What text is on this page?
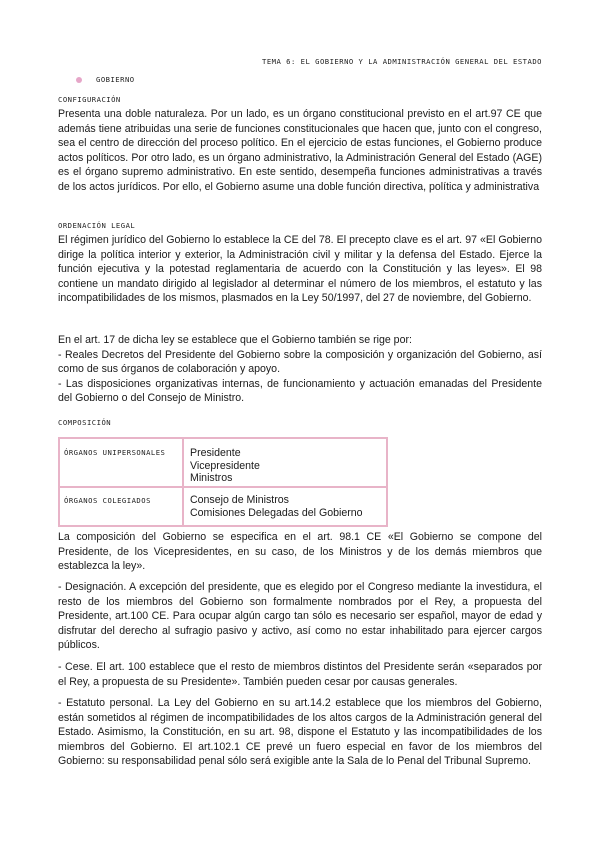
TEMA 6: EL GOBIERNO Y LA ADMINISTRACIÓN GENERAL DEL ESTADO
GOBIERNO
CONFIGURACIÓN

Presenta una doble naturaleza. Por un lado, es un órgano constitucional previsto en el art.97 CE que además tiene atribuidas una serie de funciones constitucionales que hacen que, junto con el congreso, sea el centro de dirección del proceso político. En el ejercicio de estas funciones, el Gobierno produce actos políticos. Por otro lado, es un órgano administrativo, la Administración General del Estado (AGE) es el órgano supremo administrativo. En este sentido, desempeña funciones administrativas a través de los actos jurídicos. Por ello, el Gobierno asume una doble función directiva, política y administrativa

ORDENACIÓN LEGAL

El régimen jurídico del Gobierno lo establece la CE del 78. El precepto clave es el art. 97 «El Gobierno dirige la política interior y exterior, la Administración civil y militar y la defensa del Estado. Ejerce la función ejecutiva y la potestad reglamentaria de acuerdo con la Constitución y las leyes». El 98 contiene un mandato dirigido al legislador al determinar el número de los miembros, el estatuto y las incompatibilidades de los mismos, plasmados en la Ley 50/1997, del 27 de noviembre, del Gobierno.

En el art. 17 de dicha ley se establece que el Gobierno también se rige por:

- Reales Decretos del Presidente del Gobierno sobre la composición y organización del Gobierno, así como de sus órganos de colaboración y apoyo.

- Las disposiciones organizativas internas, de funcionamiento y actuación emanadas del Presidente del Gobierno o del Consejo de Ministro.

COMPOSICIÓN
ÓRGANOS UNIPERSONALES Presidente
Vicepresidente
Ministros
ÓRGANOS COLEGIADOS	Consejo de Ministros
Comisiones Delegadas del Gobierno

La composición del Gobierno se especifica en el art. 98.1 CE «El Gobierno se compone del Presidente, de los Vicepresidentes, en su caso, de los Ministros y de los demás miembros que establezca la ley».

- Designación. A excepción del presidente, que es elegido por el Congreso mediante la investidura, el resto de los miembros del Gobierno son formalmente nombrados por el Rey, a propuesta del Presidente, art.100 CE. Para ocupar algún cargo tan sólo es necesario ser español, mayor de edad y disfrutar del derecho al sufragio pasivo y activo, así como no estar inhabilitado para ejercer cargos públicos.

- Cese. El art. 100 establece que el resto de miembros distintos del Presidente serán «separados por el Rey, a propuesta de su Presidente». También pueden cesar por causas generales.

- Estatuto personal. La Ley del Gobierno en su art.14.2 establece que los miembros del Gobierno, están sometidos al régimen de incompatibilidades de los altos cargos de la Administración general del Estado. Asimismo, la Constitución, en su art. 98, dispone el Estatuto y las incompatibilidades de los miembros del Gobierno. El art.102.1 CE prevé un fuero especial en favor de los miembros del Gobierno: su responsabilidad penal sólo será exigible ante la Sala de lo Penal del Tribunal Supremo.
